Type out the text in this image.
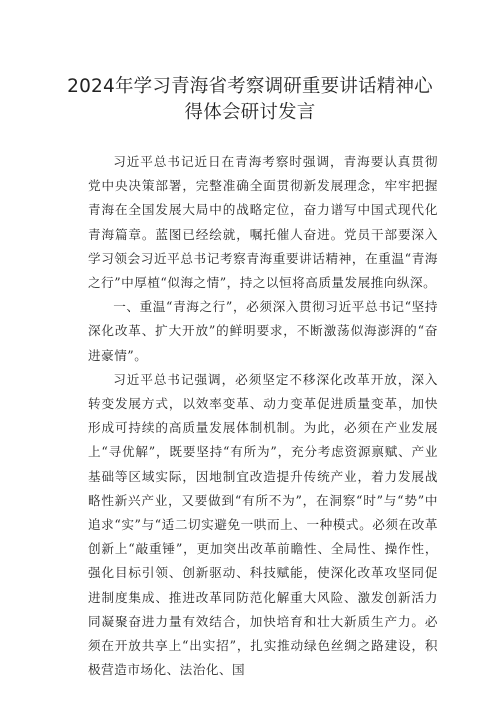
2024年学习青海省考察调研重要讲话精神心得体会研讨发言

习近平总书记近日在青海考察时强调，青海要认真贯彻党中央决策部署，完整准确全面贯彻新发展理念，牢牢把握青海在全国发展大局中的战略定位，奋力谱写中国式现代化青海篇章。蓝图已经绘就，嘱托催人奋进。党员干部要深入学习领会习近平总书记考察青海重要讲话精神，在重温“青海之行”中厚植“似海之情”，持之以恒将高质量发展推向纵深。

一、重温“青海之行”，必须深入贯彻习近平总书记“坚持深化改革、扩大开放”的鲜明要求，不断激荡似海澎湃的“奋进豪情”。

习近平总书记强调，必须坚定不移深化改革开放，深入转变发展方式，以效率变革、动力变革促进质量变革，加快形成可持续的高质量发展体制机制。为此，必须在产业发展上“寻优解”，既要坚持“有所为”，充分考虑资源禀赋、产业基础等区域实际，因地制宜改造提升传统产业，着力发展战略性新兴产业，又要做到“有所不为”，在洞察“时”与“势”中追求“实”与“适二切实避免一哄而上、一种模式。必须在改革创新上“敲重锤”，更加突出改革前瞻性、全局性、操作性，强化目标引领、创新驱动、科技赋能，使深化改革攻坚同促进制度集成、推进改革同防范化解重大风险、激发创新活力同凝聚奋进力量有效结合，加快培育和壮大新质生产力。必须在开放共享上“出实招”，扎实推动绿色丝绸之路建设，积极营造市场化、法治化、国
